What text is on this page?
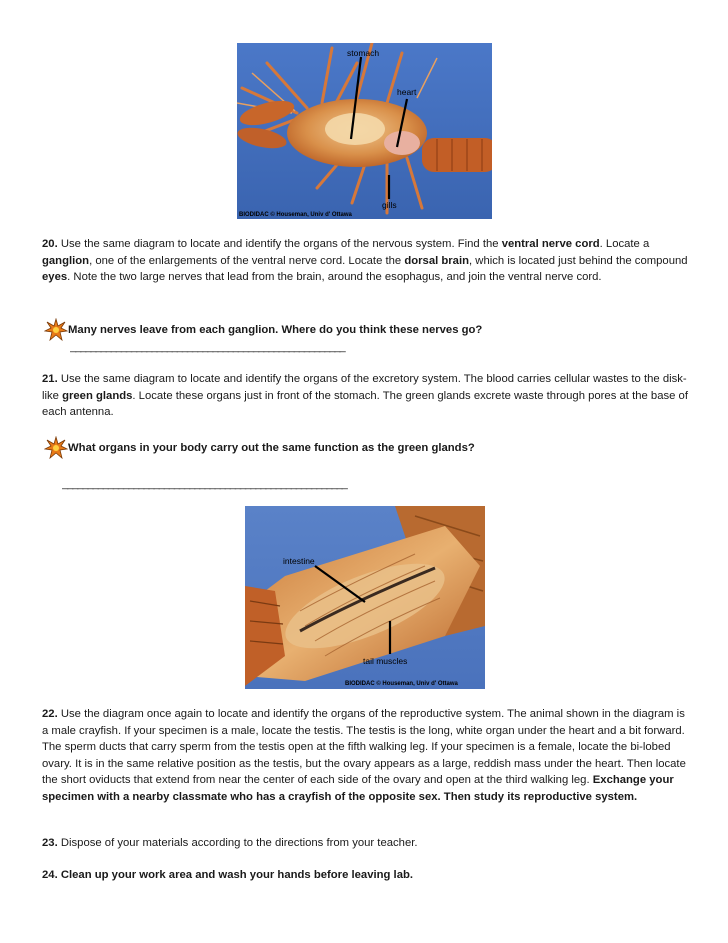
stomach
heart
gills
BIODIDAC © Houseman, Univ d' Ottawa

20. Use the same diagram to locate and identify the organs of the nervous system. Find the ventral nerve cord. Locate a ganglion, one of the enlargements of the ventral nerve cord. Locate the dorsal brain, which is located just behind the compound eyes. Note the two large nerves that lead from the brain, around the esophagus, and join the ventral nerve cord.

Many nerves leave from each ganglion. Where do you think these nerves go?
______________________________________________________

21. Use the same diagram to locate and identify the organs of the excretory system. The blood carries cellular wastes to the disk-like green glands. Locate these organs just in front of the stomach. The green glands excrete waste through pores at the base of each antenna.

What organs in your body carry out the same function as the green glands?
________________________________________________________
intestine
tail muscles
BIODIDAC © Houseman, Univ d' Ottawa

22. Use the diagram once again to locate and identify the organs of the reproductive system. The animal shown in the diagram is a male crayfish. If your specimen is a male, locate the testis. The testis is the long, white organ under the heart and a bit forward. The sperm ducts that carry sperm from the testis open at the fifth walking leg. If your specimen is a female, locate the bi-lobed ovary. It is in the same relative position as the testis, but the ovary appears as a large, reddish mass under the heart. Then locate the short oviducts that extend from near the center of each side of the ovary and open at the third walking leg. Exchange your specimen with a nearby classmate who has a crayfish of the opposite sex. Then study its reproductive system.

23. Dispose of your materials according to the directions from your teacher.

24. Clean up your work area and wash your hands before leaving lab.
